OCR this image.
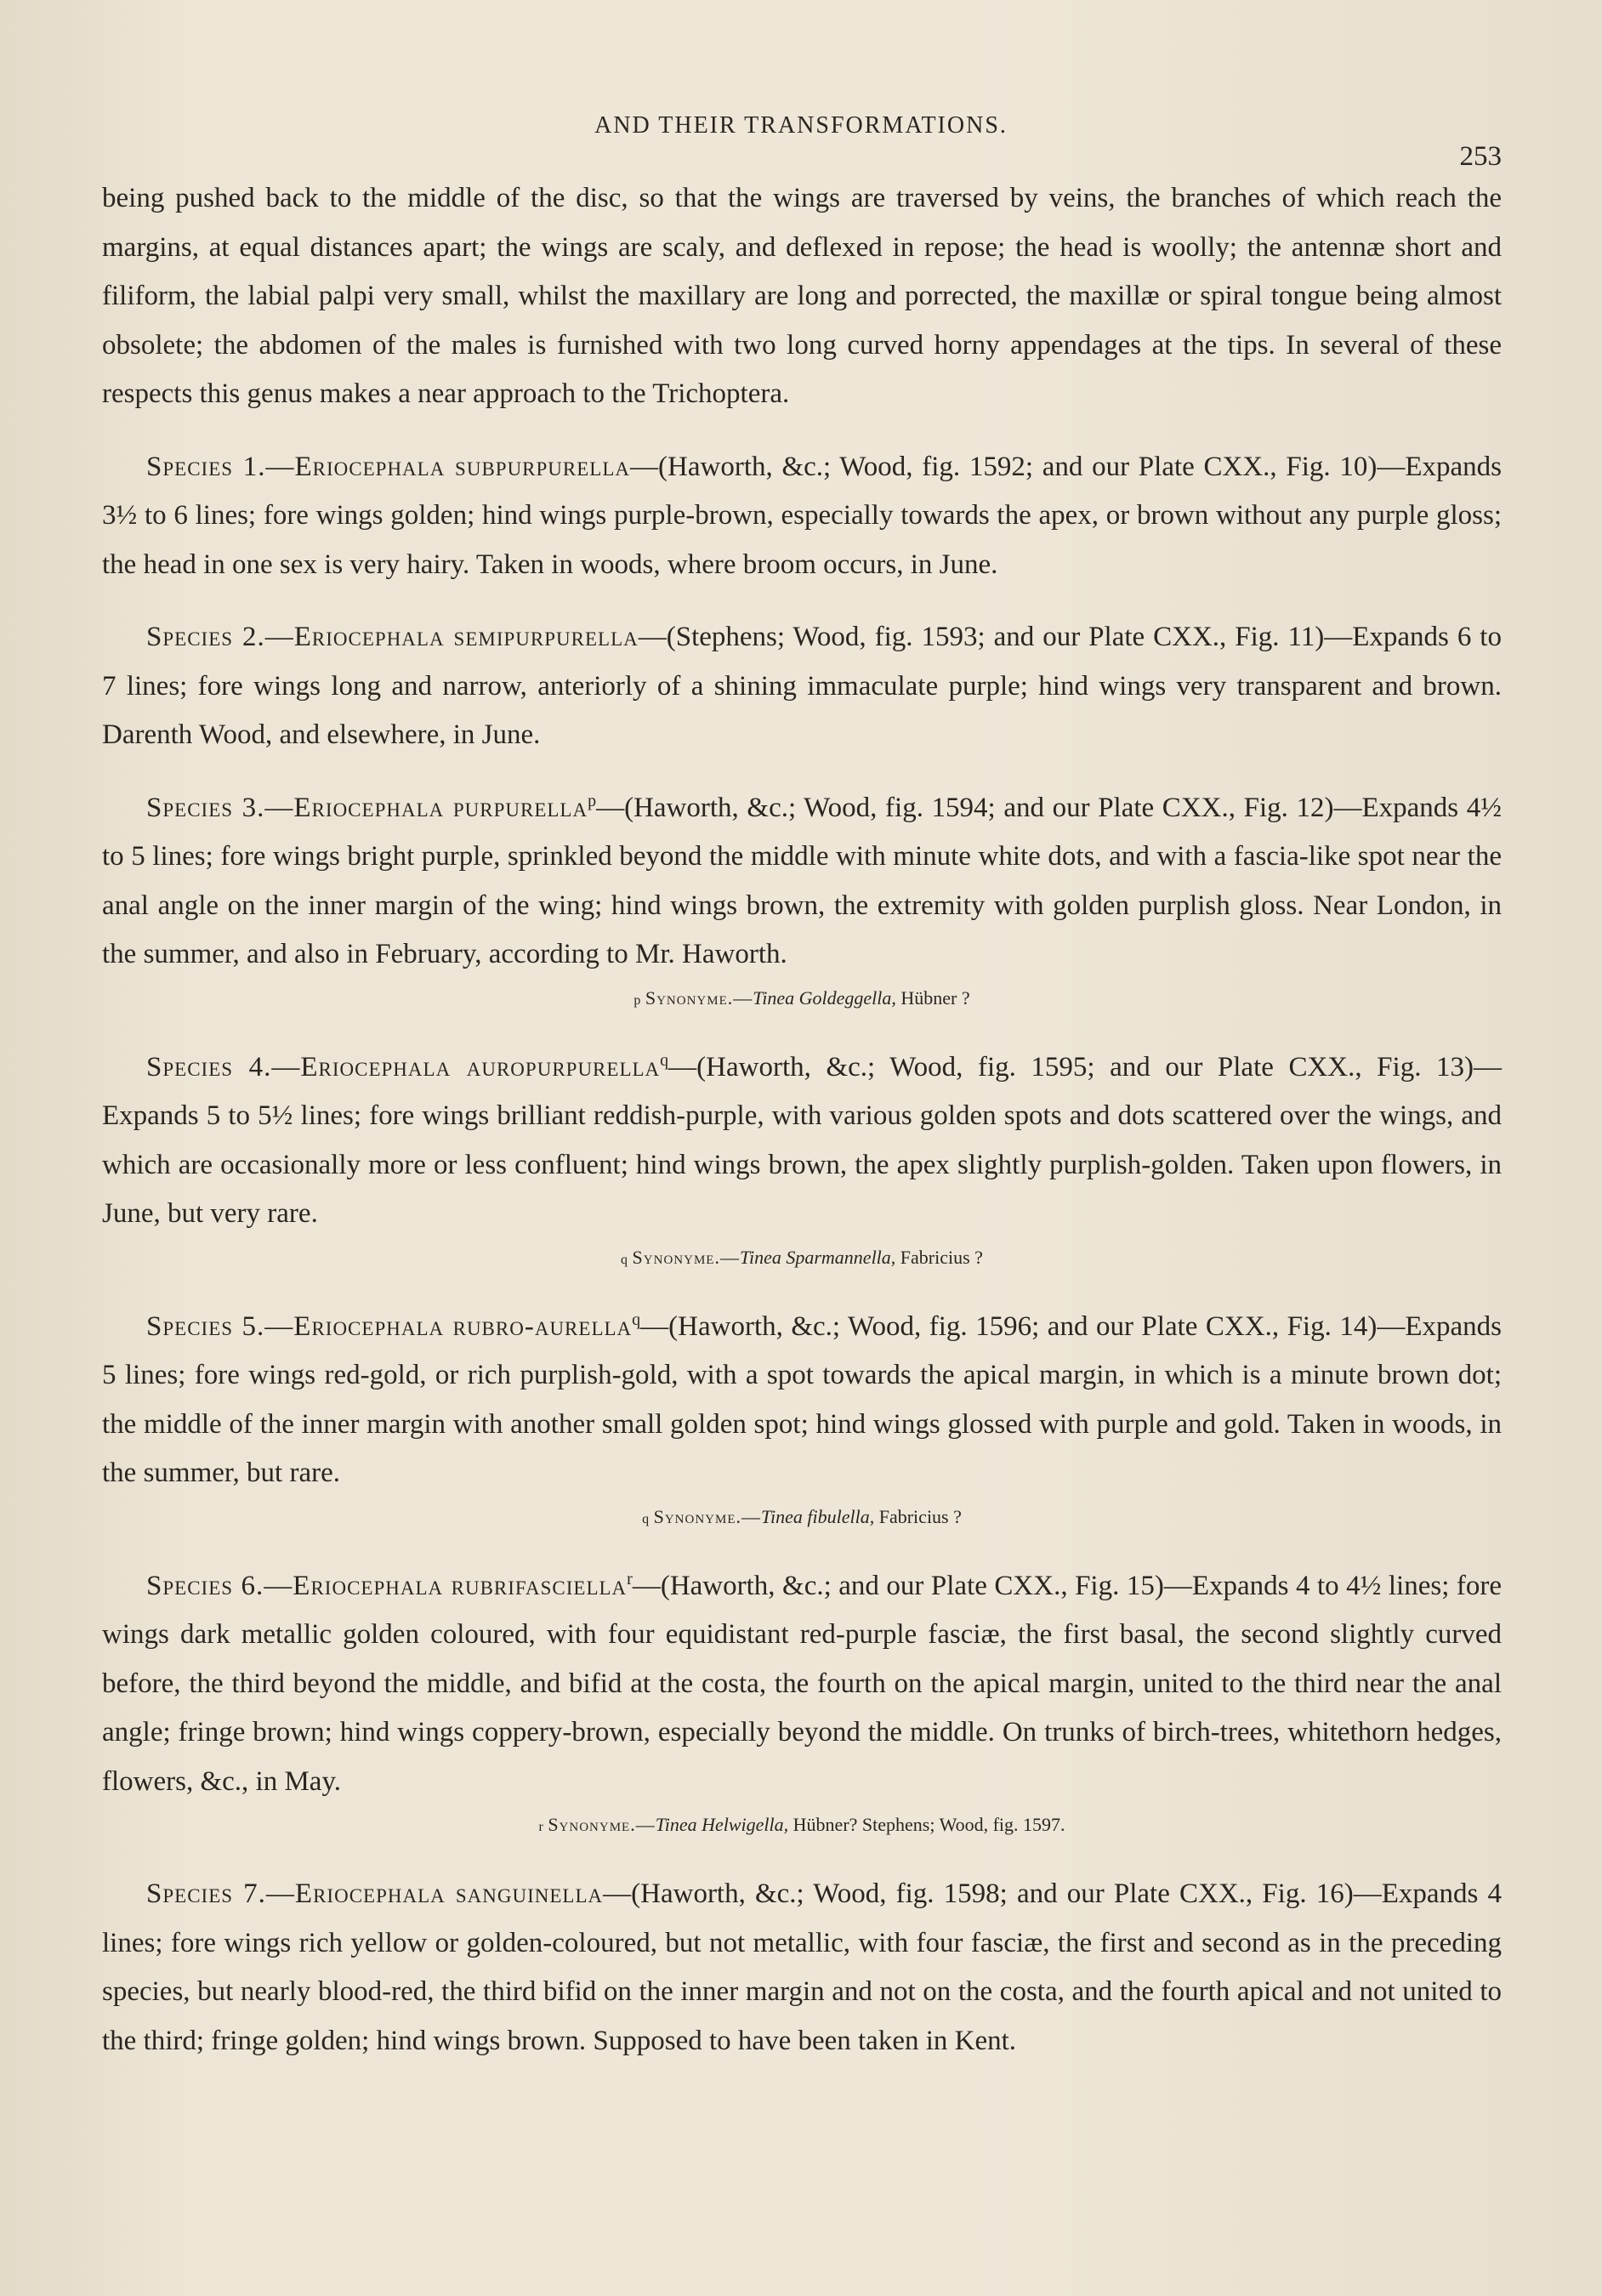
AND THEIR TRANSFORMATIONS.
253

being pushed back to the middle of the disc, so that the wings are traversed by veins, the branches of which reach the margins, at equal distances apart; the wings are scaly, and deflexed in repose; the head is woolly; the antennæ short and filiform, the labial palpi very small, whilst the maxillary are long and porrected, the maxillæ or spiral tongue being almost obsolete; the abdomen of the males is furnished with two long curved horny appendages at the tips. In several of these respects this genus makes a near approach to the Trichoptera.

Species 1.—Eriocephala subpurpurella—(Haworth, &c.; Wood, fig. 1592; and our Plate CXX., Fig. 10)—Expands 3½ to 6 lines; fore wings golden; hind wings purple-brown, especially towards the apex, or brown without any purple gloss; the head in one sex is very hairy. Taken in woods, where broom occurs, in June.

Species 2.—Eriocephala semipurpurella—(Stephens; Wood, fig. 1593; and our Plate CXX., Fig. 11)—Expands 6 to 7 lines; fore wings long and narrow, anteriorly of a shining immaculate purple; hind wings very transparent and brown. Darenth Wood, and elsewhere, in June.

Species 3.—Eriocephala purpurella$^p$—(Haworth, &c.; Wood, fig. 1594; and our Plate CXX., Fig. 12)—Expands 4½ to 5 lines; fore wings bright purple, sprinkled beyond the middle with minute white dots, and with a fascia-like spot near the anal angle on the inner margin of the wing; hind wings brown, the extremity with golden purplish gloss. Near London, in the summer, and also in February, according to Mr. Haworth.

p Synonyme.—Tinea Goldeggella, Hübner ?

Species 4.—Eriocephala auropurpurella$^q$—(Haworth, &c.; Wood, fig. 1595; and our Plate CXX., Fig. 13)—Expands 5 to 5½ lines; fore wings brilliant reddish-purple, with various golden spots and dots scattered over the wings, and which are occasionally more or less confluent; hind wings brown, the apex slightly purplish-golden. Taken upon flowers, in June, but very rare.

q Synonyme.—Tinea Sparmannella, Fabricius ?

Species 5.—Eriocephala rubro-aurella$^q$—(Haworth, &c.; Wood, fig. 1596; and our Plate CXX., Fig. 14)—Expands 5 lines; fore wings red-gold, or rich purplish-gold, with a spot towards the apical margin, in which is a minute brown dot; the middle of the inner margin with another small golden spot; hind wings glossed with purple and gold. Taken in woods, in the summer, but rare.

q Synonyme.—Tinea fibulella, Fabricius ?

Species 6.—Eriocephala rubrifasciella$^r$—(Haworth, &c.; and our Plate CXX., Fig. 15)—Expands 4 to 4½ lines; fore wings dark metallic golden coloured, with four equidistant red-purple fasciæ, the first basal, the second slightly curved before, the third beyond the middle, and bifid at the costa, the fourth on the apical margin, united to the third near the anal angle; fringe brown; hind wings coppery-brown, especially beyond the middle. On trunks of birch-trees, whitethorn hedges, flowers, &c., in May.

r Synonyme.—Tinea Helwigella, Hübner? Stephens; Wood, fig. 1597.

Species 7.—Eriocephala sanguinella—(Haworth, &c.; Wood, fig. 1598; and our Plate CXX., Fig. 16)—Expands 4 lines; fore wings rich yellow or golden-coloured, but not metallic, with four fasciæ, the first and second as in the preceding species, but nearly blood-red, the third bifid on the inner margin and not on the costa, and the fourth apical and not united to the third; fringe golden; hind wings brown. Supposed to have been taken in Kent.
